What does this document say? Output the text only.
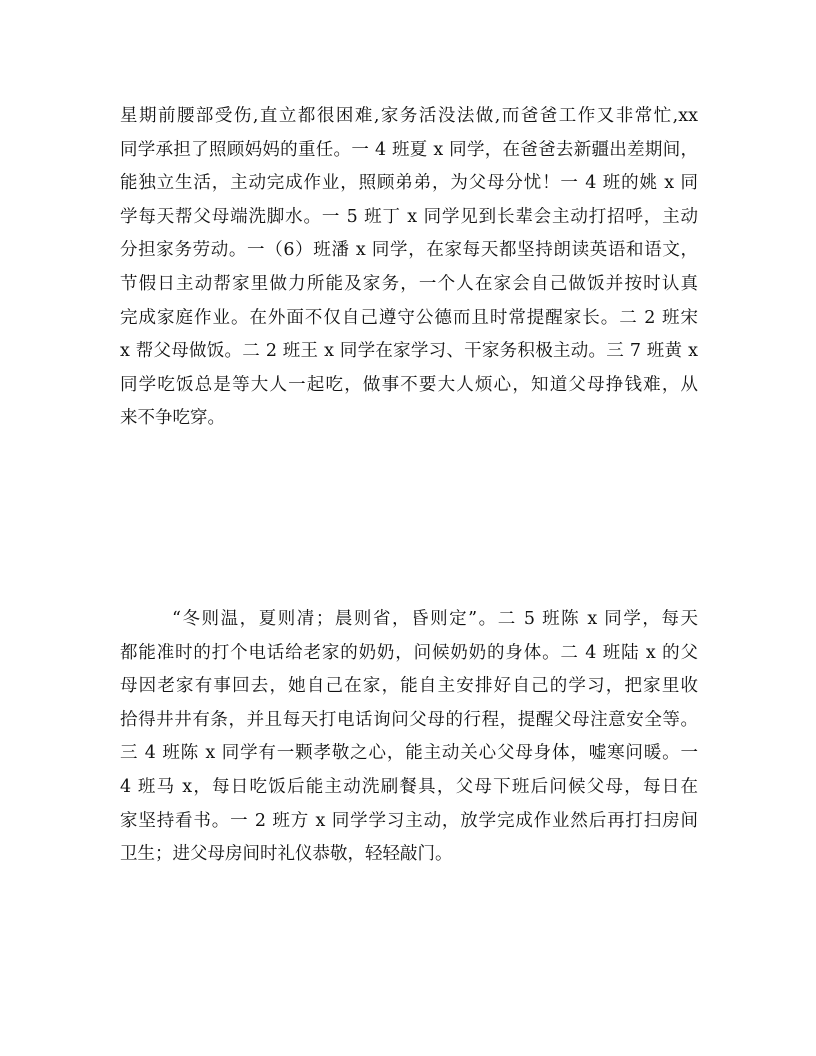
星期前腰部受伤,直立都很困难,家务活没法做,而爸爸工作又非常忙,xx
同学承担了照顾妈妈的重任。一 4 班夏 x 同学，在爸爸去新疆出差期间，
能独立生活，主动完成作业，照顾弟弟，为父母分忧！一 4 班的姚 x 同
学每天帮父母端洗脚水。一 5 班丁 x 同学见到长辈会主动打招呼，主动
分担家务劳动。一（6）班潘 x 同学，在家每天都坚持朗读英语和语文，
节假日主动帮家里做力所能及家务，一个人在家会自己做饭并按时认真
完成家庭作业。在外面不仅自己遵守公德而且时常提醒家长。二 2 班宋
x 帮父母做饭。二 2 班王 x 同学在家学习、干家务积极主动。三 7 班黄 x
同学吃饭总是等大人一起吃，做事不要大人烦心，知道父母挣钱难，从
来不争吃穿。
“冬则温，夏则凊；晨则省，昏则定”。二 5 班陈 x 同学，每天
都能准时的打个电话给老家的奶奶，问候奶奶的身体。二 4 班陆 x 的父
母因老家有事回去，她自己在家，能自主安排好自己的学习，把家里收
拾得井井有条，并且每天打电话询问父母的行程，提醒父母注意安全等。
三 4 班陈 x 同学有一颗孝敬之心，能主动关心父母身体，嘘寒问暖。一
4 班马 x，每日吃饭后能主动洗刷餐具，父母下班后问候父母，每日在
家坚持看书。一 2 班方 x 同学学习主动，放学完成作业然后再打扫房间
卫生；进父母房间时礼仪恭敬，轻轻敲门。
